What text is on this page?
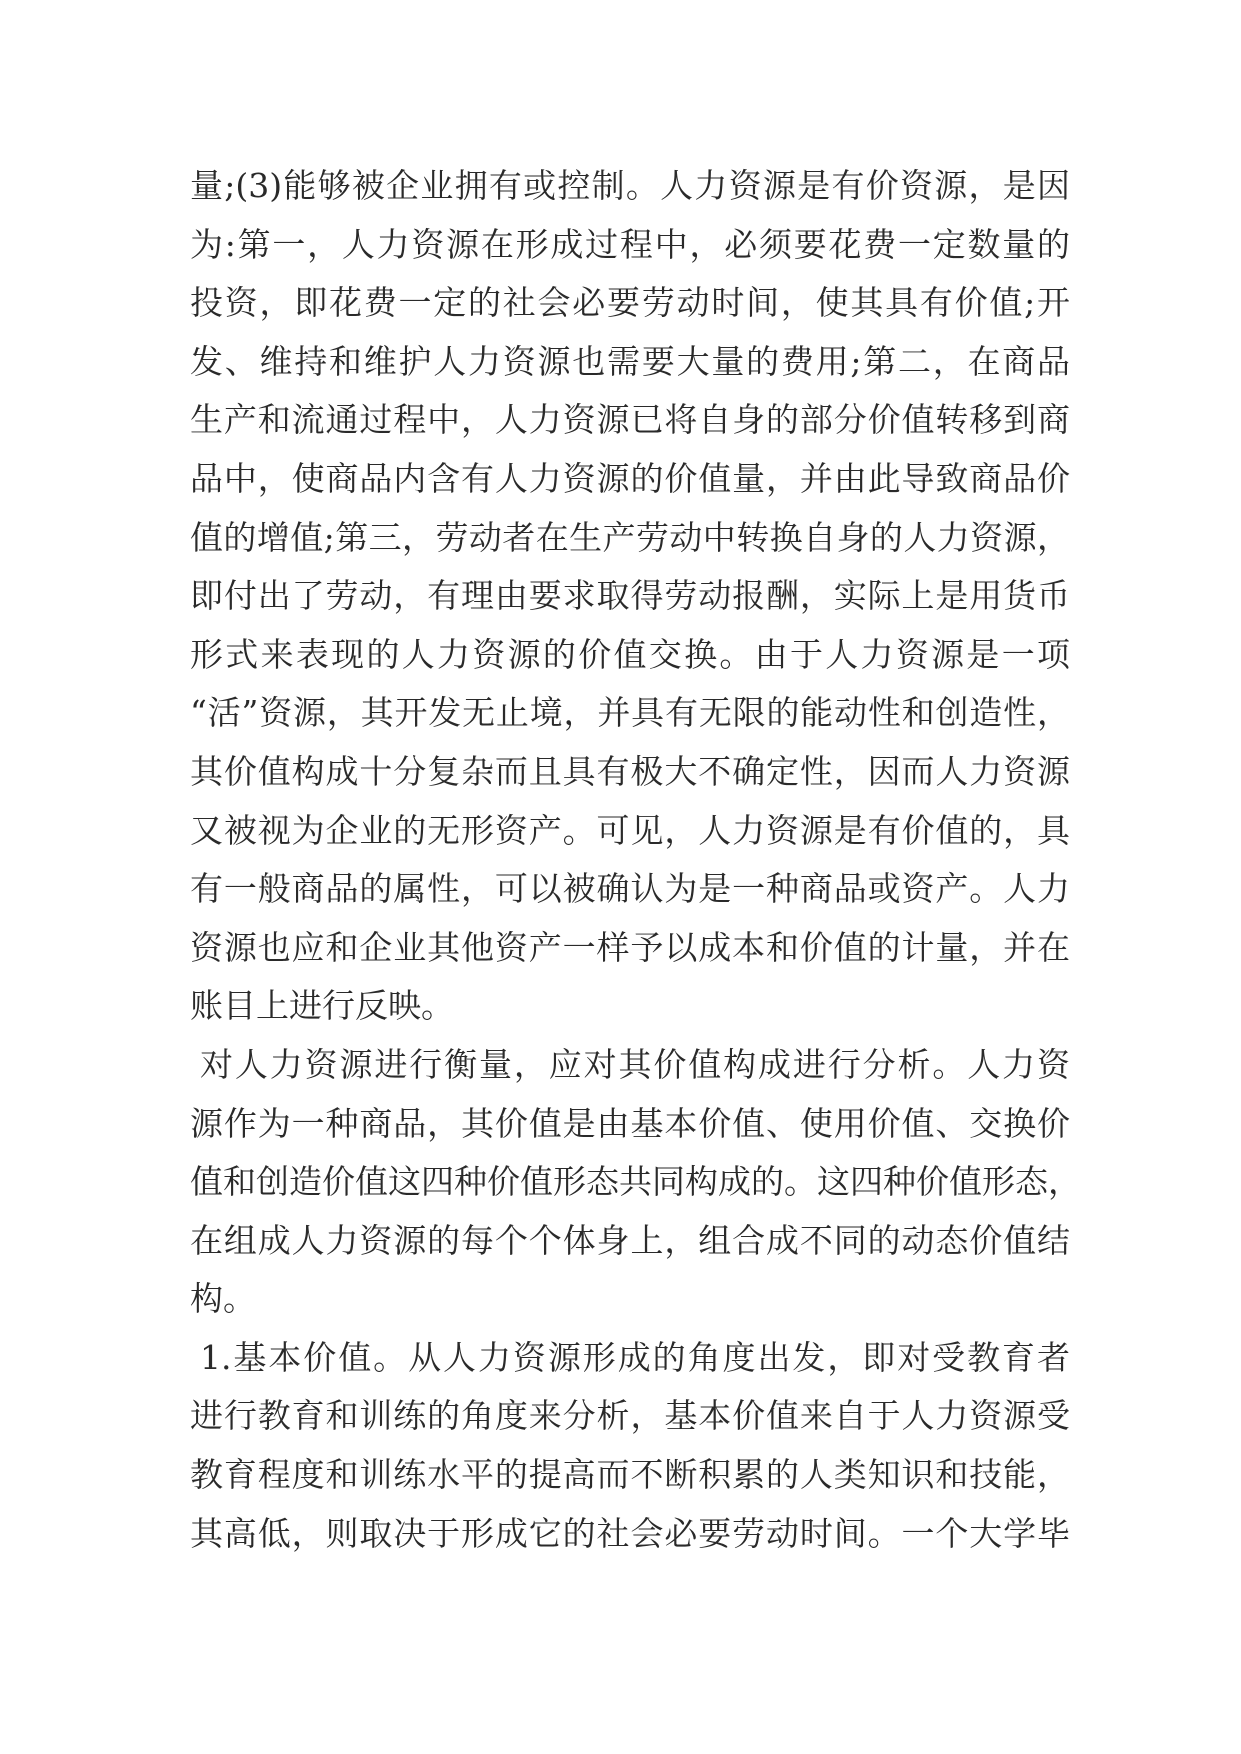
量;(3)能够被企业拥有或控制。人力资源是有价资源，是因
为:第一，人力资源在形成过程中，必须要花费一定数量的
投资，即花费一定的社会必要劳动时间，使其具有价值;开
发、维持和维护人力资源也需要大量的费用;第二，在商品
生产和流通过程中，人力资源已将自身的部分价值转移到商
品中，使商品内含有人力资源的价值量，并由此导致商品价
值的增值;第三，劳动者在生产劳动中转换自身的人力资源，
即付出了劳动，有理由要求取得劳动报酬，实际上是用货币
形式来表现的人力资源的价值交换。由于人力资源是一项
“活”资源，其开发无止境，并具有无限的能动性和创造性，
其价值构成十分复杂而且具有极大不确定性，因而人力资源
又被视为企业的无形资产。可见，人力资源是有价值的，具
有一般商品的属性，可以被确认为是一种商品或资产。人力
资源也应和企业其他资产一样予以成本和价值的计量，并在
账目上进行反映。
对人力资源进行衡量，应对其价值构成进行分析。人力资
源作为一种商品，其价值是由基本价值、使用价值、交换价
值和创造价值这四种价值形态共同构成的。这四种价值形态，
在组成人力资源的每个个体身上，组合成不同的动态价值结
构。
1.基本价值。从人力资源形成的角度出发，即对受教育者
进行教育和训练的角度来分析，基本价值来自于人力资源受
教育程度和训练水平的提高而不断积累的人类知识和技能，
其高低，则取决于形成它的社会必要劳动时间。一个大学毕
